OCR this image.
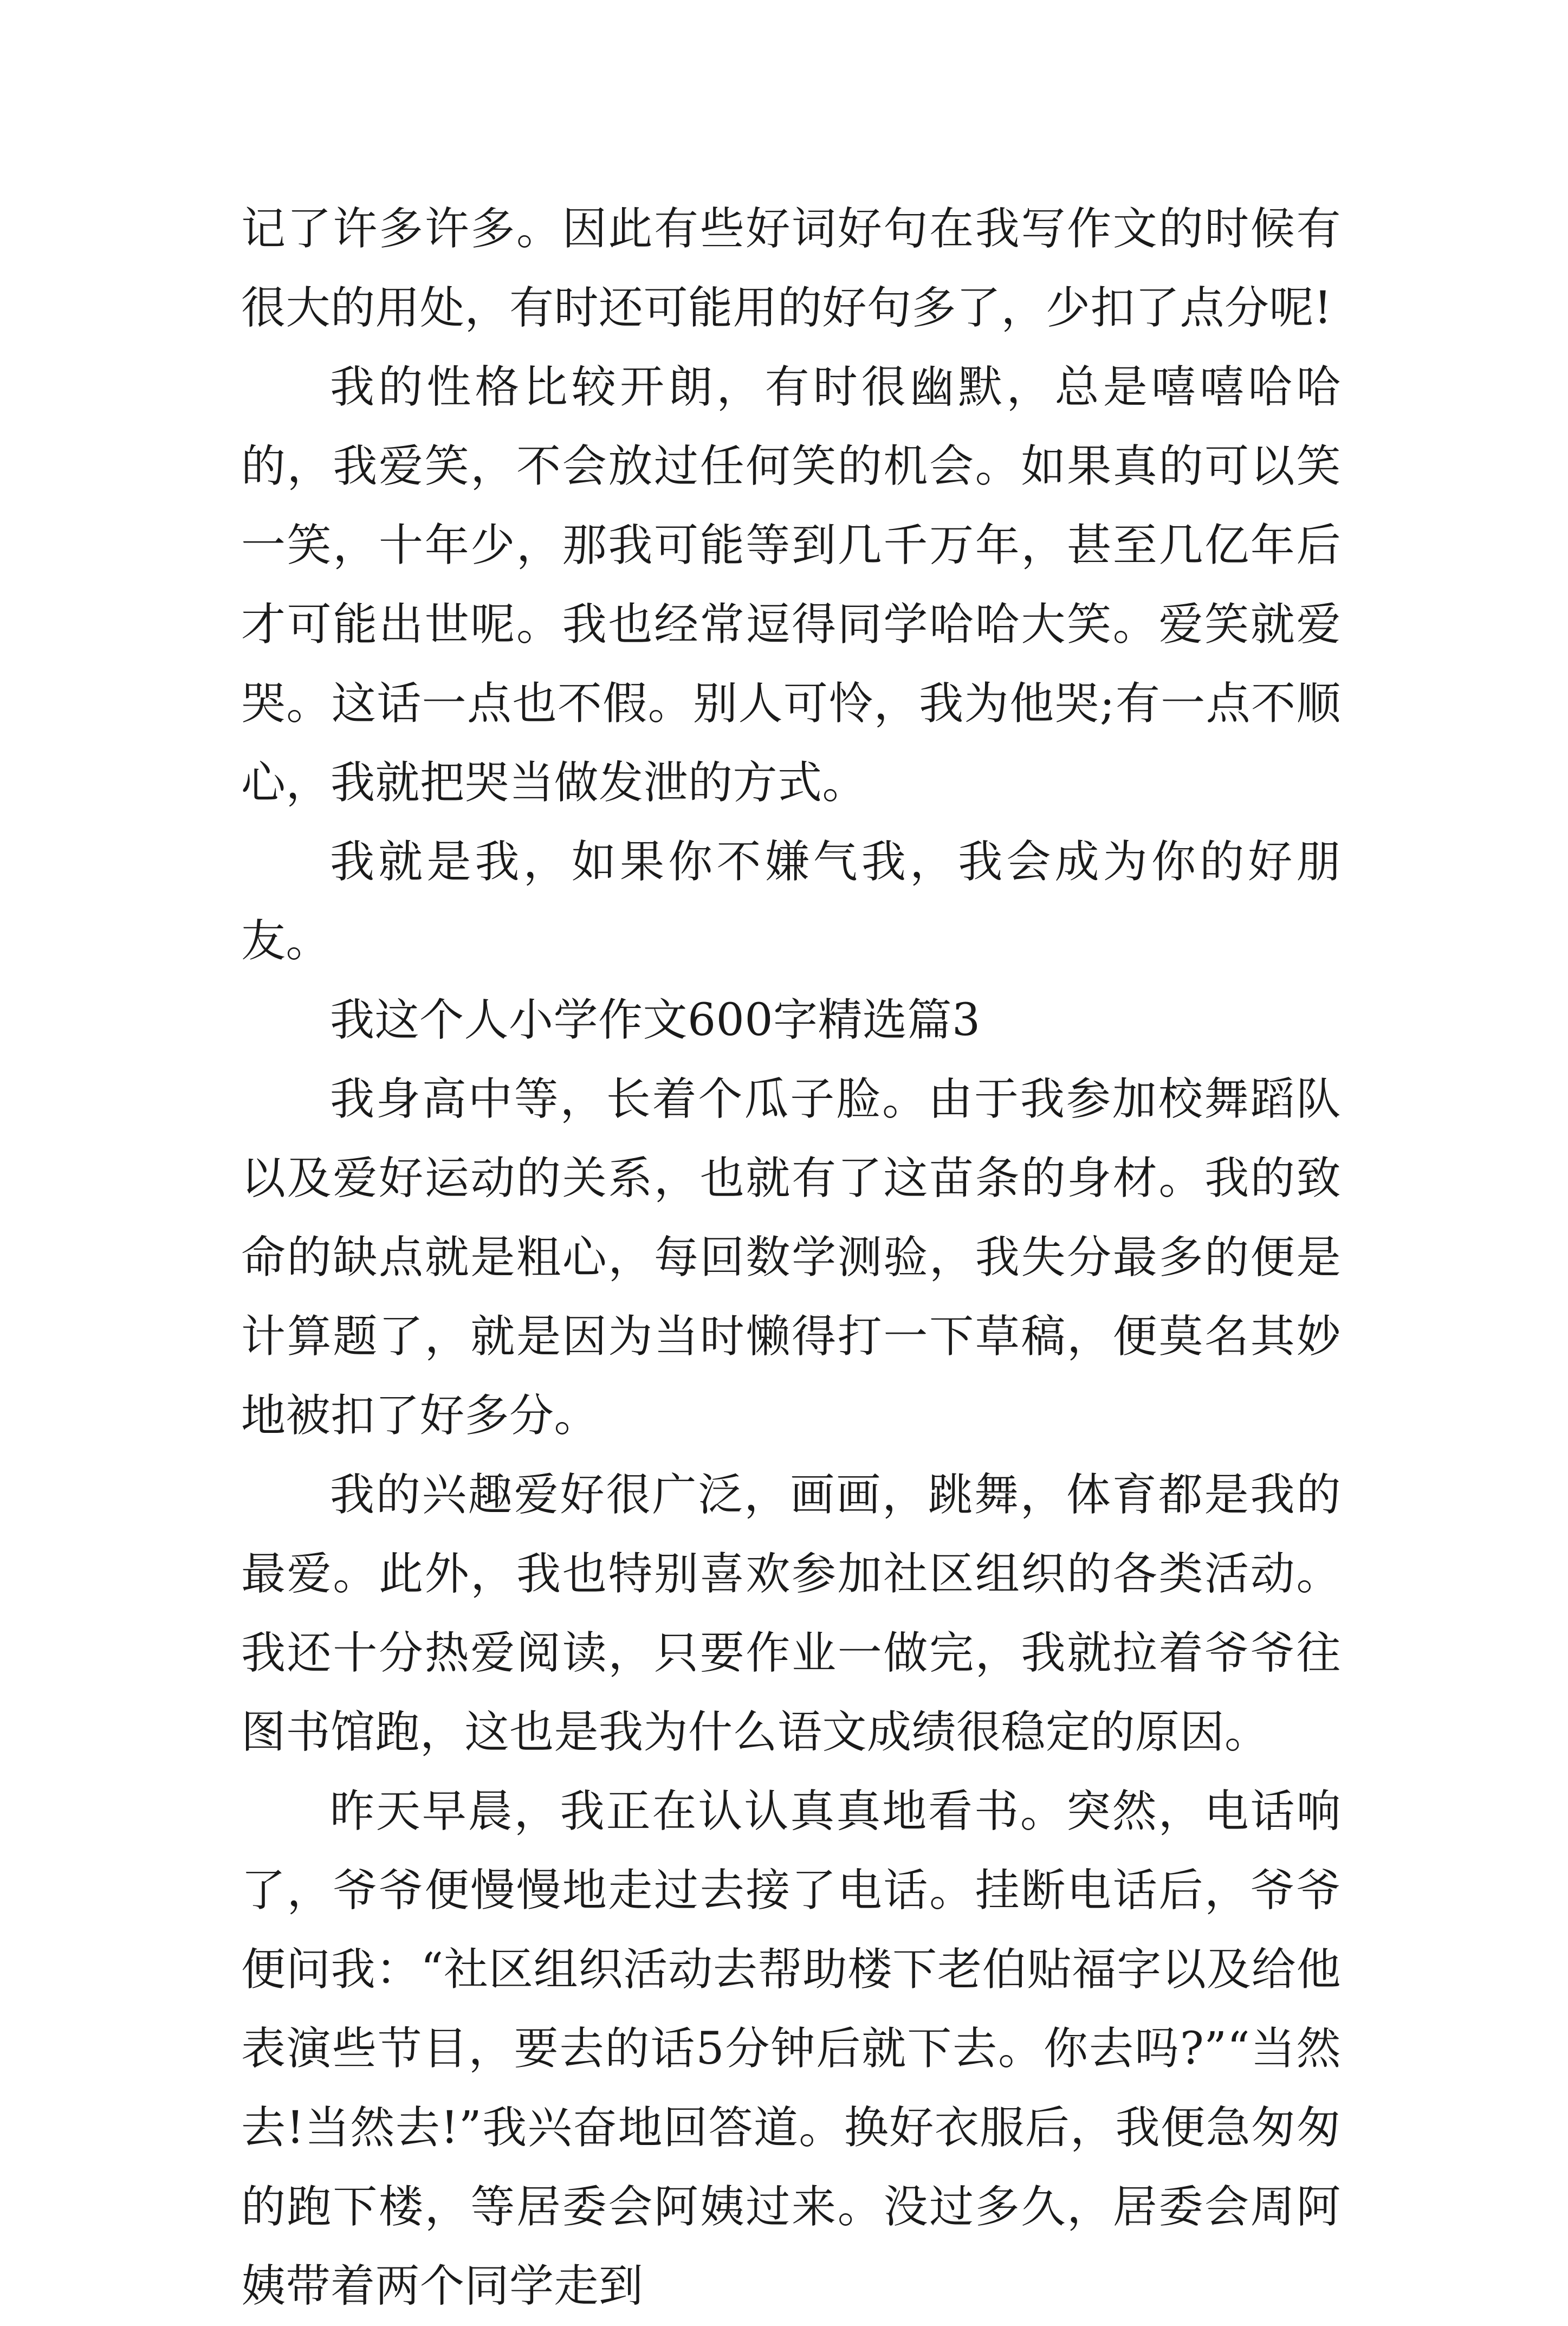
记了许多许多。因此有些好词好句在我写作文的时候有很大的用处，有时还可能用的好句多了，少扣了点分呢!

我的性格比较开朗，有时很幽默，总是嘻嘻哈哈的，我爱笑，不会放过任何笑的机会。如果真的可以笑一笑，十年少，那我可能等到几千万年，甚至几亿年后才可能出世呢。我也经常逗得同学哈哈大笑。爱笑就爱哭。这话一点也不假。别人可怜，我为他哭;有一点不顺心，我就把哭当做发泄的方式。

我就是我，如果你不嫌气我，我会成为你的好朋友。

我这个人小学作文600字精选篇3

我身高中等，长着个瓜子脸。由于我参加校舞蹈队以及爱好运动的关系，也就有了这苗条的身材。我的致命的缺点就是粗心，每回数学测验，我失分最多的便是计算题了，就是因为当时懒得打一下草稿，便莫名其妙地被扣了好多分。

我的兴趣爱好很广泛，画画，跳舞，体育都是我的最爱。此外，我也特别喜欢参加社区组织的各类活动。我还十分热爱阅读，只要作业一做完，我就拉着爷爷往图书馆跑，这也是我为什么语文成绩很稳定的原因。

昨天早晨，我正在认认真真地看书。突然，电话响了，爷爷便慢慢地走过去接了电话。挂断电话后，爷爷便问我：“社区组织活动去帮助楼下老伯贴福字以及给他表演些节目，要去的话5分钟后就下去。你去吗?”“当然去!当然去!”我兴奋地回答道。换好衣服后，我便急匆匆的跑下楼，等居委会阿姨过来。没过多久，居委会周阿姨带着两个同学走到
